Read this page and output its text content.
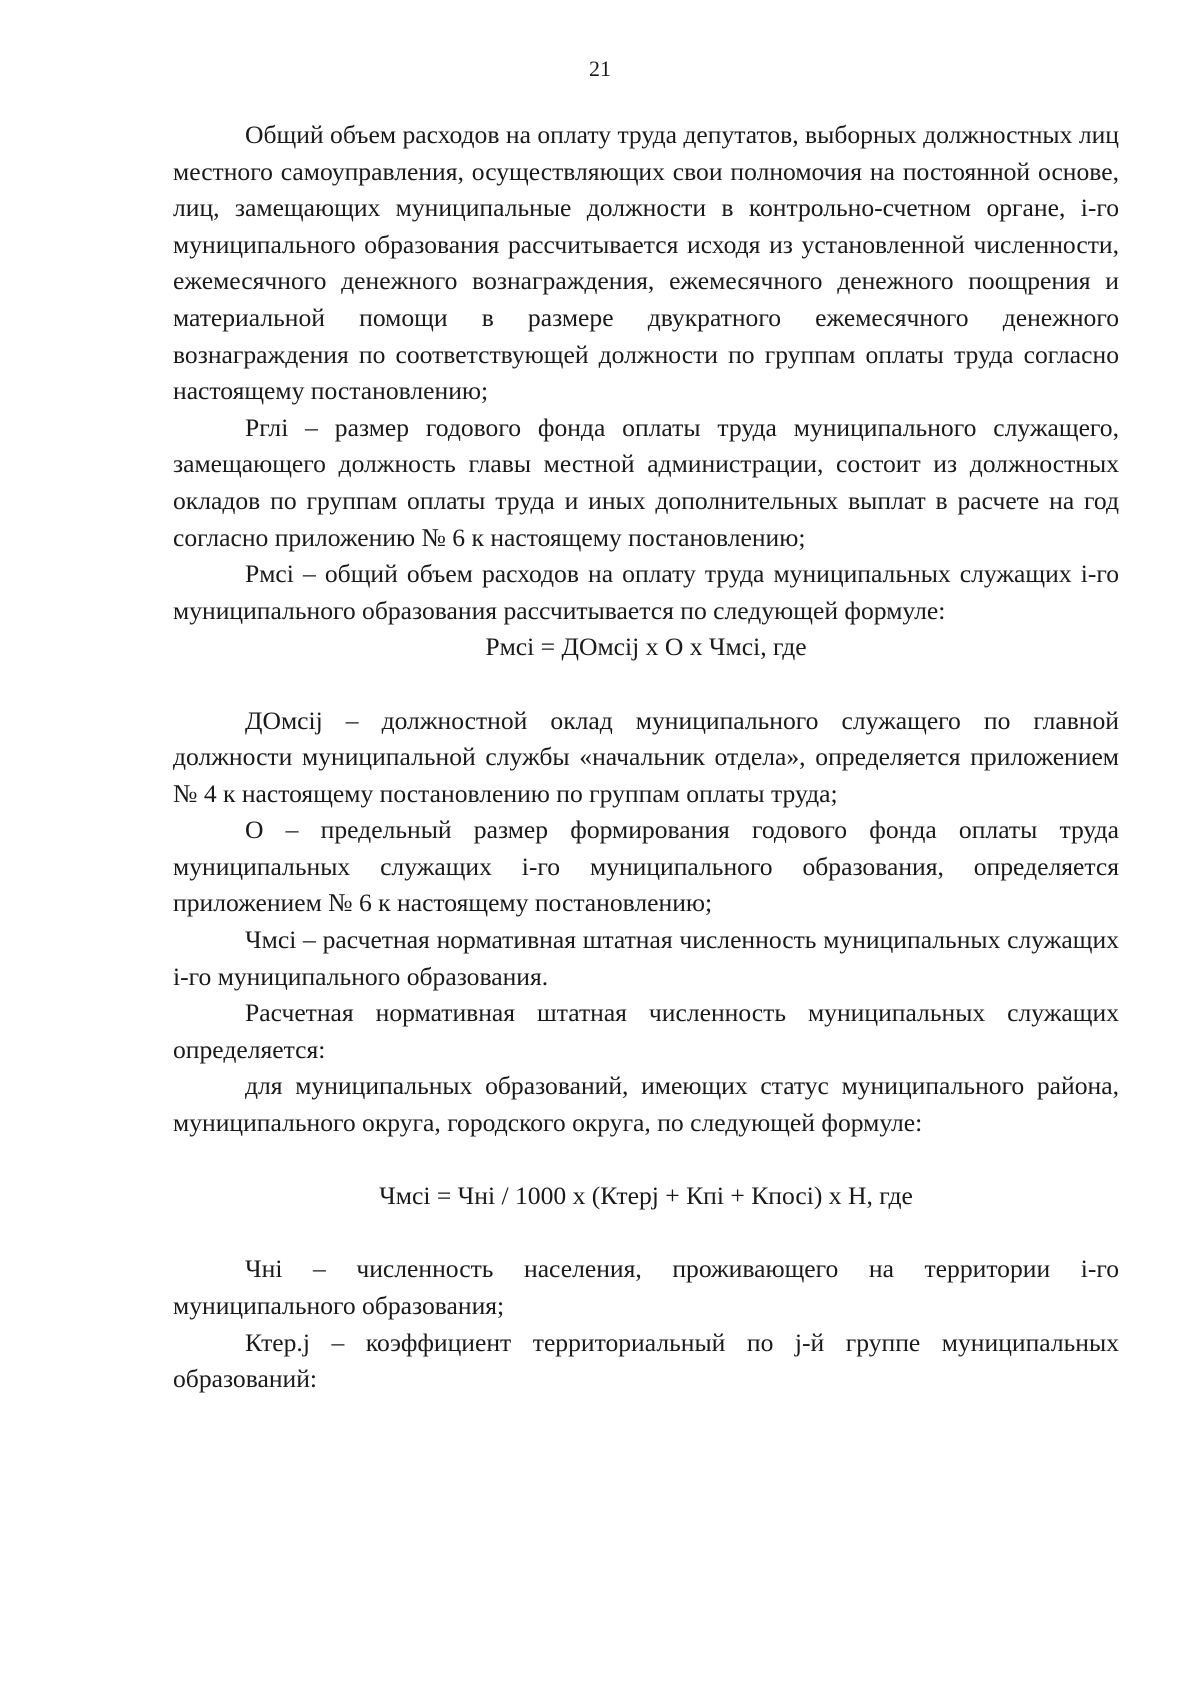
21

Общий объем расходов на оплату труда депутатов, выборных должностных лиц местного самоуправления, осуществляющих свои полномочия на постоянной основе, лиц, замещающих муниципальные должности в контрольно-счетном органе, i-го муниципального образования рассчитывается исходя из установленной численности, ежемесячного денежного вознаграждения, ежемесячного денежного поощрения и материальной помощи в размере двукратного ежемесячного денежного вознаграждения по соответствующей должности по группам оплаты труда согласно настоящему постановлению;

Рглi – размер годового фонда оплаты труда муниципального служащего, замещающего должность главы местной администрации, состоит из должностных окладов по группам оплаты труда и иных дополнительных выплат в расчете на год согласно приложению № 6 к настоящему постановлению;

Рмсi – общий объем расходов на оплату труда муниципальных служащих i-го муниципального образования рассчитывается по следующей формуле:

Рмсi = ДОмсij х О х Чмсi, где

ДОмсij – должностной оклад муниципального служащего по главной должности муниципальной службы «начальник отдела», определяется приложением № 4 к настоящему постановлению по группам оплаты труда;

О – предельный размер формирования годового фонда оплаты труда муниципальных служащих i-го муниципального образования, определяется приложением № 6 к настоящему постановлению;

Чмсi – расчетная нормативная штатная численность муниципальных служащих i-го муниципального образования.

Расчетная нормативная штатная численность муниципальных служащих определяется:

для муниципальных образований, имеющих статус муниципального района, муниципального округа, городского округа, по следующей формуле:

Чмсi = Чнi / 1000 х (Ктерj + Кпi + Кпосi) х Н, где

Чнi – численность населения, проживающего на территории i-го муниципального образования;

Ктер.j – коэффициент территориальный по j-й группе муниципальных образований:
